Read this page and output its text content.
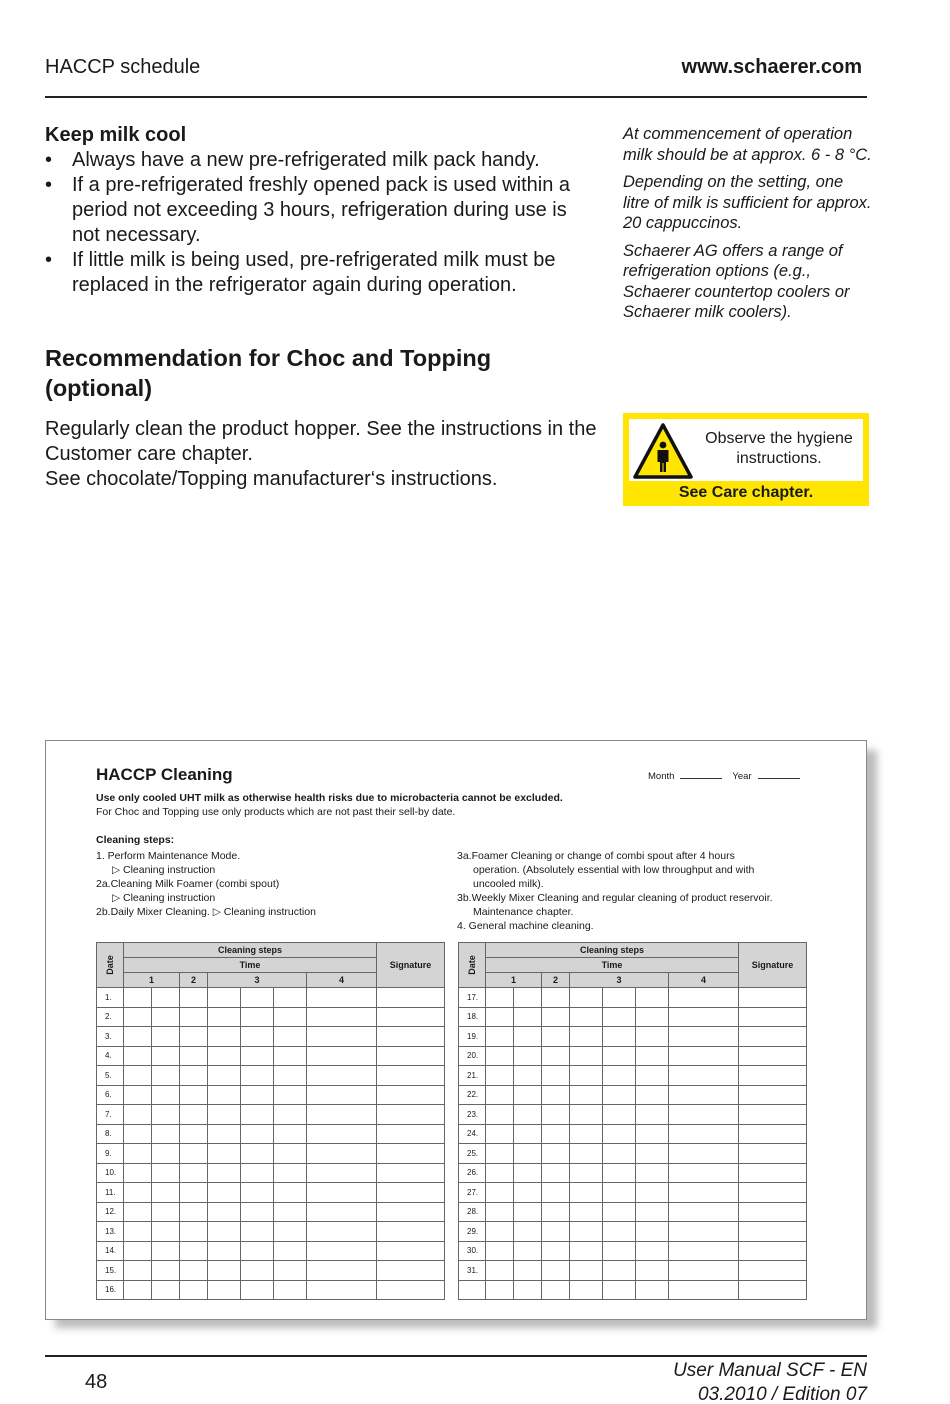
HACCP schedule	www.schaerer.com
Keep milk cool
• Always have a new pre-refrigerated milk pack handy.
• If a pre-refrigerated freshly opened pack is used within a period not exceeding 3 hours, refrigeration during use is not necessary.
• If little milk is being used, pre-refrigerated milk must be replaced in the refrigerator again during operation.
Recommendation for Choc and Topping (optional)

Regularly clean the product hopper. See the instructions in the Customer care chapter.

See chocolate/Topping manufacturer‘s instructions.

At commencement of operation milk should be at approx. 6 - 8 °C.

Depending on the setting, one litre of milk is sufficient for approx. 20 cappuccinos.

Schaerer AG offers a range of refrigeration options (e.g., Schaerer countertop coolers or Schaerer milk coolers).

Observe the hygiene instructions.
See Care chapter.
HACCP Cleaning	Month	Year
Use only cooled UHT milk as otherwise health risks due to microbacteria cannot be excluded.
For Choc and Topping use only products which are not past their sell-by date.
Cleaning steps:
1. Perform Maintenance Mode.
▷ Cleaning instruction
2a.Cleaning Milk Foamer (combi spout)
▷ Cleaning instruction
2b.Daily Mixer Cleaning. ▷ Cleaning instruction
3a.Foamer Cleaning or change of combi spout after 4 hours
operation. (Absolutely essential with low throughput and with
uncooled milk).
3b.Weekly Mixer Cleaning and regular cleaning of product reservoir.
Maintenance chapter.
4. General machine cleaning.
Date	Cleaning steps							Signature
	Time							
	1		2	3			4	
1.								
2.								
3.								
4.								
5.								
6.								
7.								
8.								
9.								
10.								
11.								
12.								
13.								
14.								
15.								
16.								
Date	Cleaning steps							Signature
	Time							
	1		2	3			4	
17.								
18.								
19.								
20.								
21.								
22.								
23.								
24.								
25.								
26.								
27.								
28.								
29.								
30.								
31.								

48
User Manual SCF - EN
03.2010 / Edition 07
